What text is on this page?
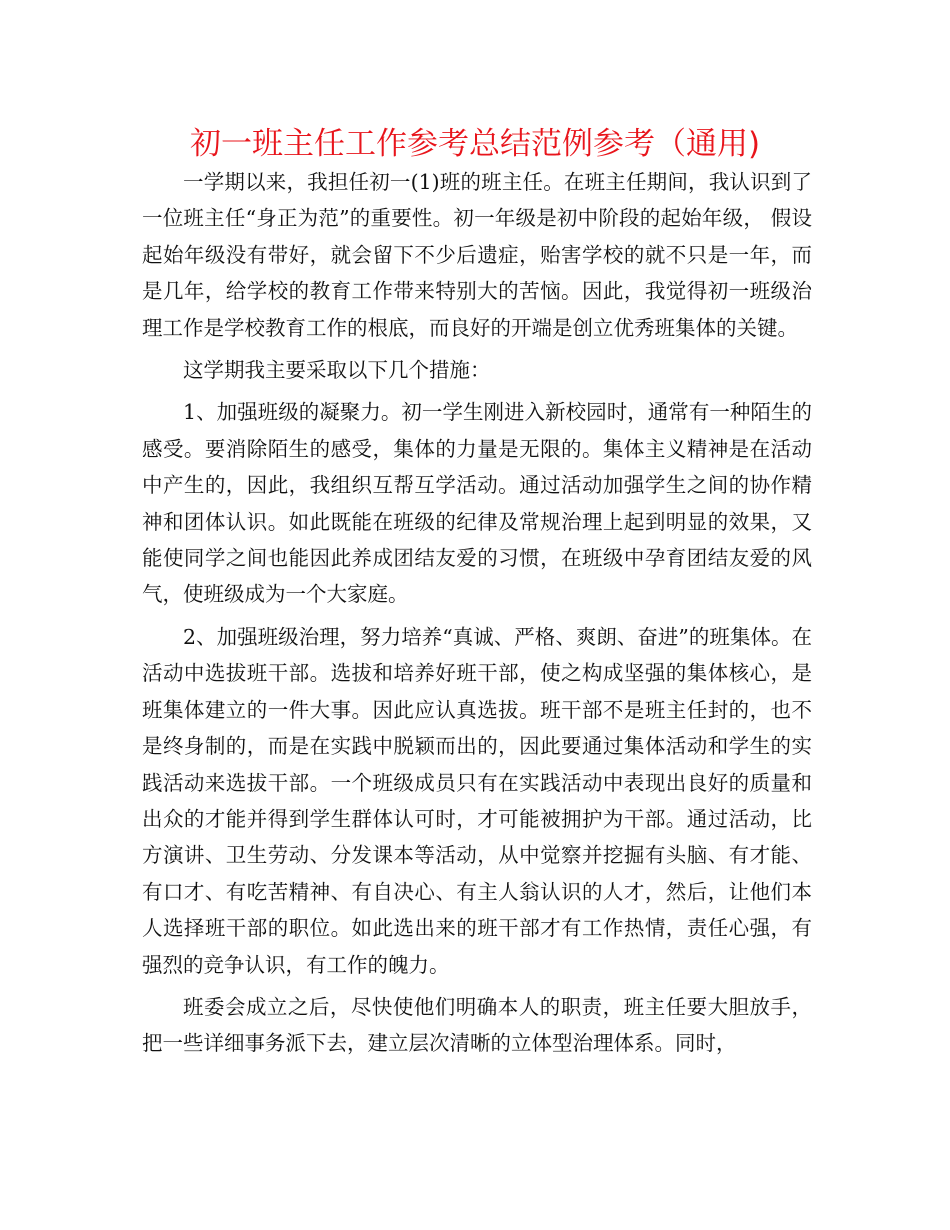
初一班主任工作参考总结范例参考（通用)

一学期以来，我担任初一(1)班的班主任。在班主任期间，我认识到了一位班主任“身正为范”的重要性。初一年级是初中阶段的起始年级， 假设起始年级没有带好，就会留下不少后遗症，贻害学校的就不只是一年，而是几年，给学校的教育工作带来特别大的苦恼。因此，我觉得初一班级治理工作是学校教育工作的根底，而良好的开端是创立优秀班集体的关键。

这学期我主要采取以下几个措施：

1、加强班级的凝聚力。初一学生刚进入新校园时，通常有一种陌生的感受。要消除陌生的感受，集体的力量是无限的。集体主义精神是在活动中产生的，因此，我组织互帮互学活动。通过活动加强学生之间的协作精神和团体认识。如此既能在班级的纪律及常规治理上起到明显的效果，又能使同学之间也能因此养成团结友爱的习惯，在班级中孕育团结友爱的风气，使班级成为一个大家庭。

2、加强班级治理，努力培养“真诚、严格、爽朗、奋进”的班集体。在活动中选拔班干部。选拔和培养好班干部，使之构成坚强的集体核心，是班集体建立的一件大事。因此应认真选拔。班干部不是班主任封的，也不是终身制的，而是在实践中脱颖而出的，因此要通过集体活动和学生的实践活动来选拔干部。一个班级成员只有在实践活动中表现出良好的质量和出众的才能并得到学生群体认可时，才可能被拥护为干部。通过活动，比方演讲、卫生劳动、分发课本等活动，从中觉察并挖掘有头脑、有才能、有口才、有吃苦精神、有自决心、有主人翁认识的人才，然后，让他们本人选择班干部的职位。如此选出来的班干部才有工作热情，责任心强，有强烈的竞争认识，有工作的魄力。

班委会成立之后，尽快使他们明确本人的职责，班主任要大胆放手，把一些详细事务派下去，建立层次清晰的立体型治理体系。同时，
